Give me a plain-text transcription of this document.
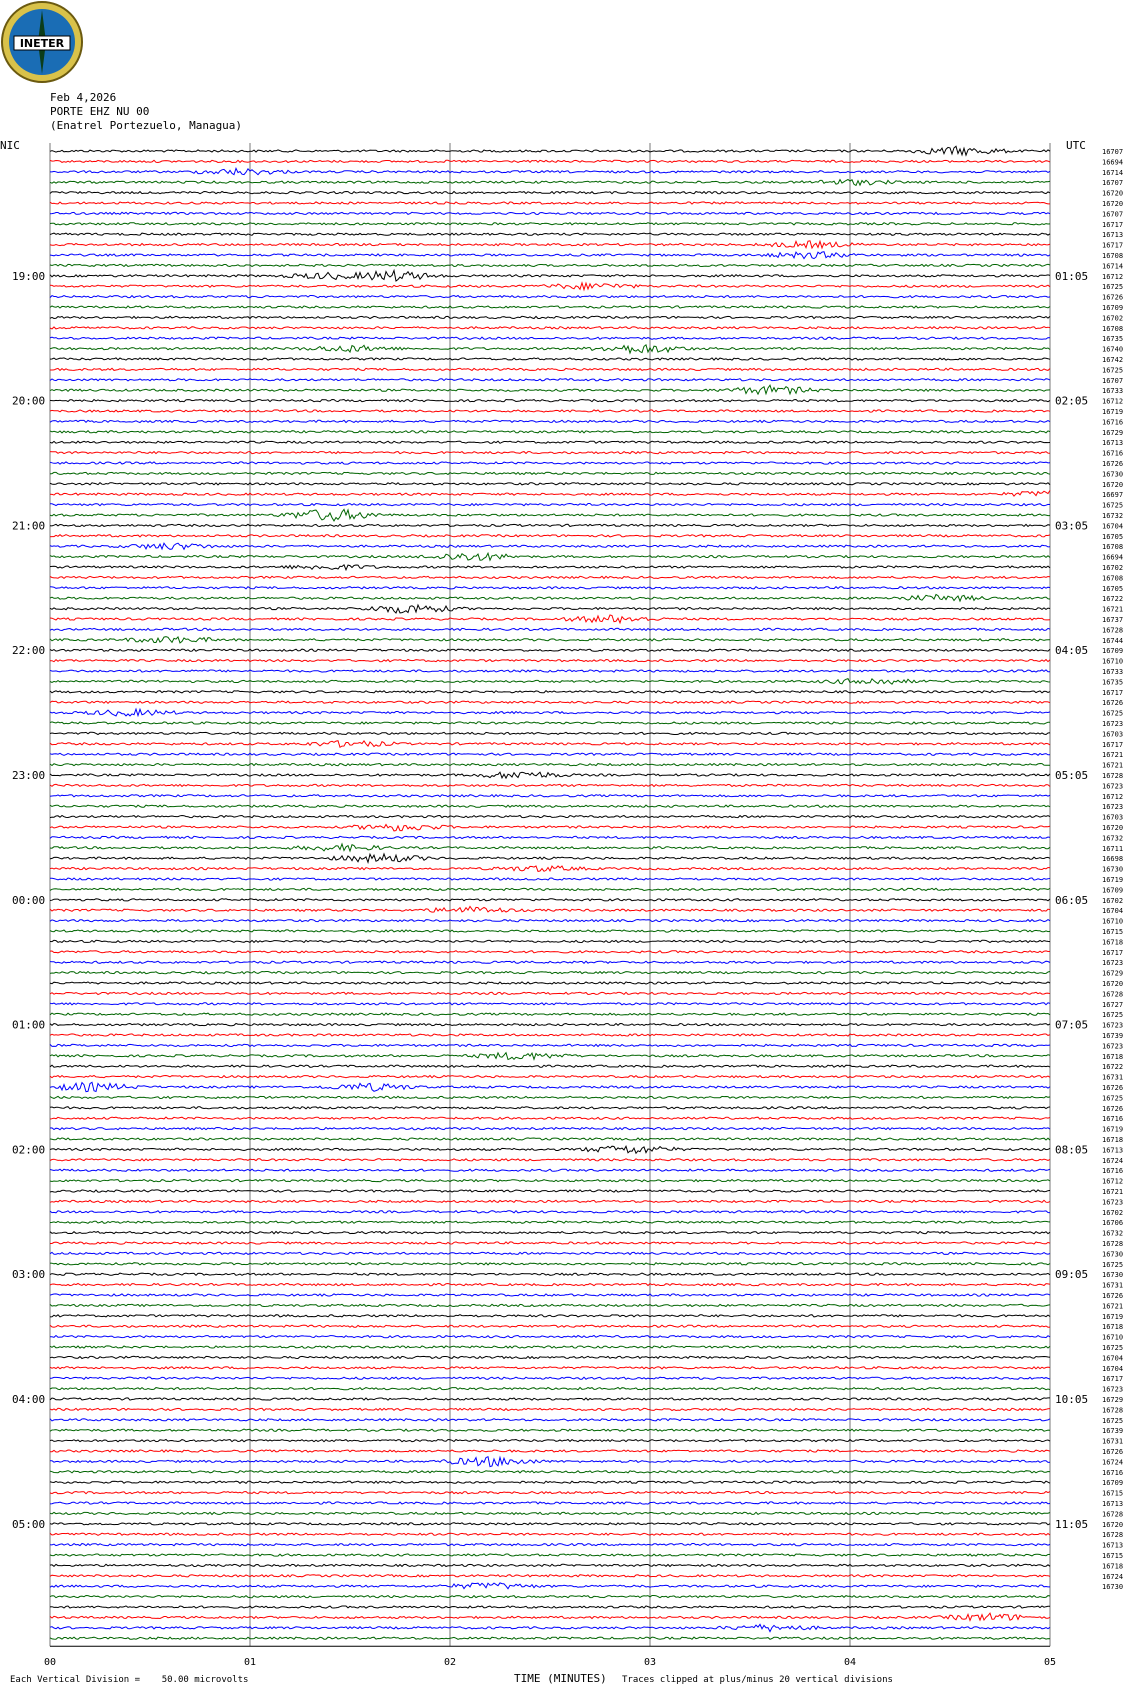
INETER
Feb 4,2026
PORTE EHZ NU 00
(Enatrel Portezuelo, Managua)
NIC	UTC
00	01	02	03	04	05
16707
16694
16714
16707
16720
16720
16707
16717
16713
16717
16708
16714
16712
16725
16726
16709
16702
16708
16735
16740
16742
16725
16707
16733
16712
16719
16716
16729
16713
16716
16726
16730
16720
16697
16725
16732
16704
16705
16708
16694
16702
16708
16705
16722
16721
16737
16728
16744
16709
16710
16733
16735
16717
16726
16725
16723
16703
16717
16721
16721
16728
16723
16712
16723
16703
16720
16732
16711
16698
16730
16719
16709
16702
16704
16710
16715
16718
16717
16723
16729
16720
16728
16727
16725
16723
16739
16723
16718
16722
16731
16726
16725
16726
16716
16719
16718
16713
16724
16716
16712
16721
16723
16702
16706
16732
16728
16730
16725
16730
16731
16726
16721
16719
16718
16710
16725
16704
16704
16717
16723
16729
16728
16725
16739
16731
16726
16724
16716
16709
16715
16713
16728
16720
16728
16713
16715
16718
16724
16730
19:00	01:05
20:00	02:05
21:00	03:05
22:00	04:05
23:00	05:05
00:00	06:05
01:00	07:05
02:00	08:05
03:00	09:05
04:00	10:05
05:00	11:05
Each Vertical Division =    50.00 microvolts	TIME (MINUTES) Traces clipped at plus/minus 20 vertical divisions
